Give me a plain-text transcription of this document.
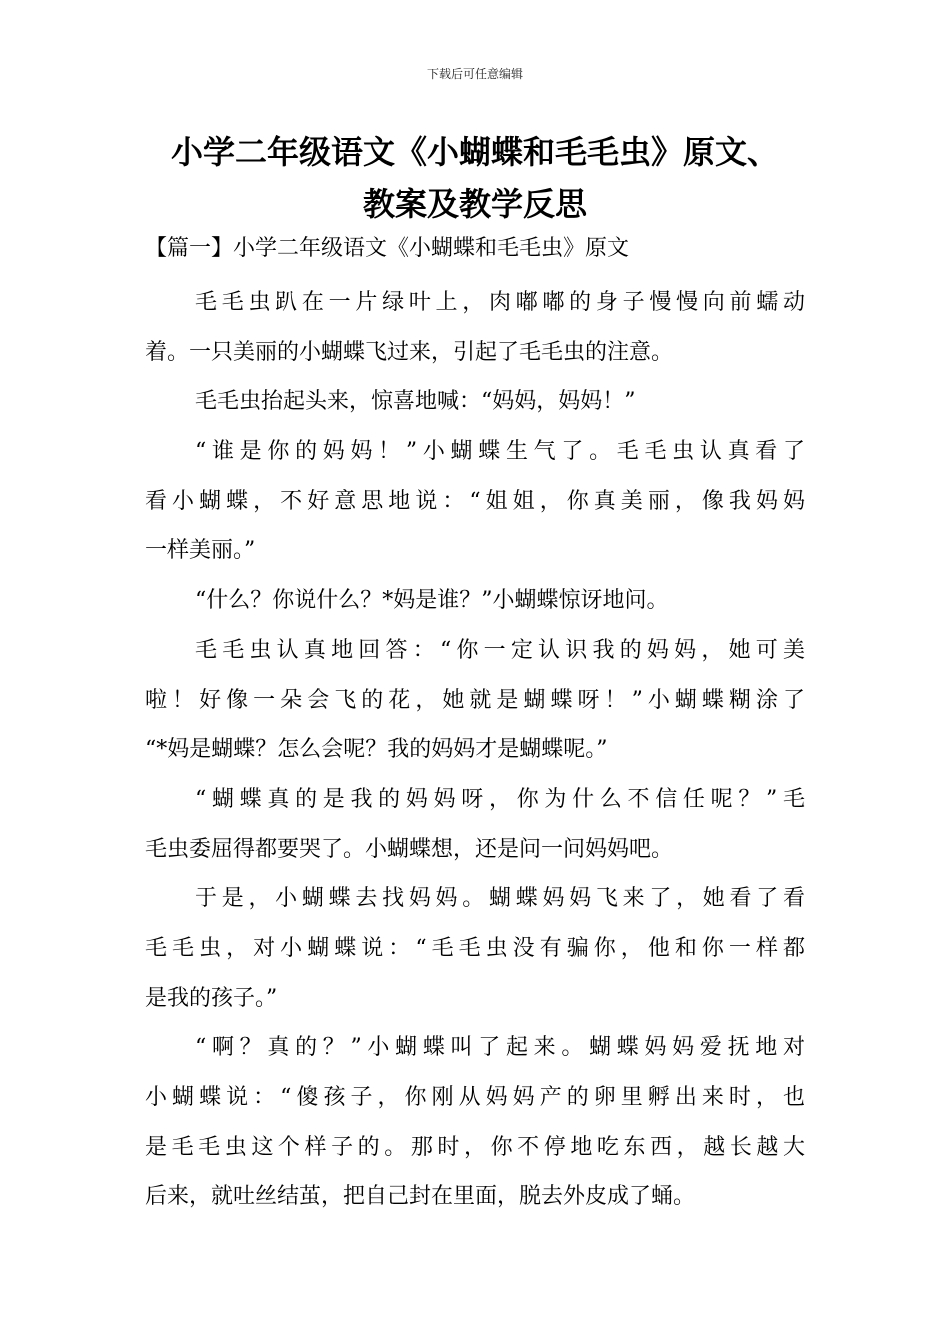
下载后可任意编辑
小学二年级语文《小蝴蝶和毛毛虫》原文、
教案及教学反思
【篇一】小学二年级语文《小蝴蝶和毛毛虫》原文

毛毛虫趴在一片绿叶上，肉嘟嘟的身子慢慢向前蠕动
着。一只美丽的小蝴蝶飞过来，引起了毛毛虫的注意。

毛毛虫抬起头来，惊喜地喊：“妈妈，妈妈！”

“谁是你的妈妈！”小蝴蝶生气了。毛毛虫认真看了
看小蝴蝶，不好意思地说：“姐姐，你真美丽，像我妈妈
一样美丽。”

“什么？你说什么？*妈是谁？”小蝴蝶惊讶地问。

毛毛虫认真地回答：“你一定认识我的妈妈，她可美
啦！好像一朵会飞的花，她就是蝴蝶呀！”小蝴蝶糊涂了
“*妈是蝴蝶？怎么会呢？我的妈妈才是蝴蝶呢。”

“蝴蝶真的是我的妈妈呀，你为什么不信任呢？”毛
毛虫委屈得都要哭了。小蝴蝶想，还是问一问妈妈吧。

于是，小蝴蝶去找妈妈。蝴蝶妈妈飞来了，她看了看
毛毛虫，对小蝴蝶说：“毛毛虫没有骗你，他和你一样都
是我的孩子。”

“啊？真的？”小蝴蝶叫了起来。蝴蝶妈妈爱抚地对
小蝴蝶说：“傻孩子，你刚从妈妈产的卵里孵出来时，也
是毛毛虫这个样子的。那时，你不停地吃东西，越长越大
后来，就吐丝结茧，把自己封在里面，脱去外皮成了蛹。
